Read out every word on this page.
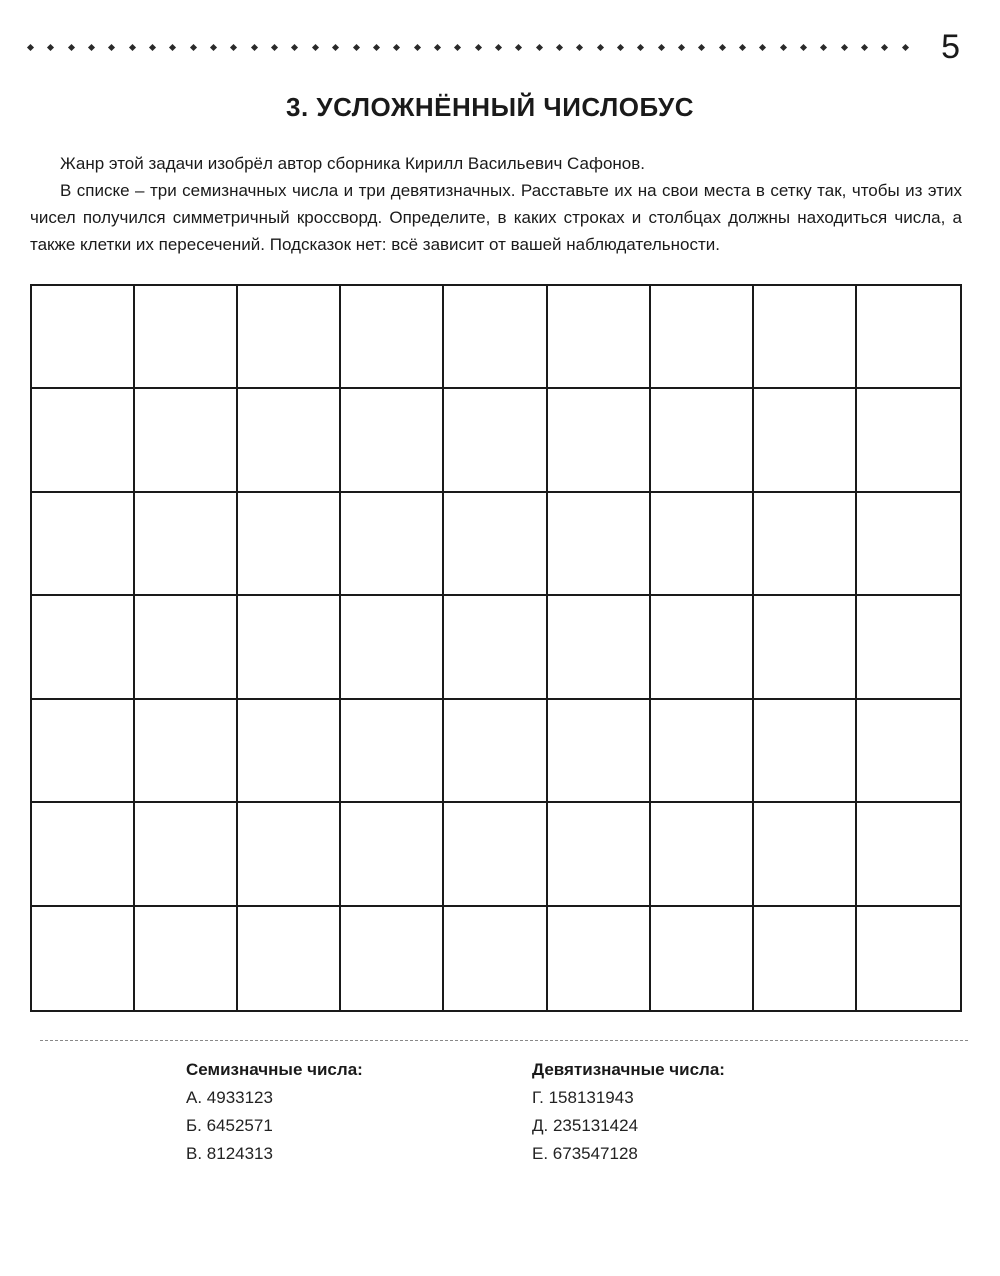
5
3. УСЛОЖНЁННЫЙ ЧИСЛОБУС

Жанр этой задачи изобрёл автор сборника Кирилл Васильевич Сафонов.

В списке – три семизначных числа и три девятизначных. Расставьте их на свои места в сетку так, чтобы из этих чисел получился симметричный кроссворд. Определите, в каких строках и столбцах должны находиться числа, а также клетки их пересечений. Подсказок нет: всё зависит от вашей наблюдательности.

Семизначные числа:
А. 4933123
Б. 6452571
В. 8124313
Девятизначные числа:
Г. 158131943
Д. 235131424
Е. 673547128
